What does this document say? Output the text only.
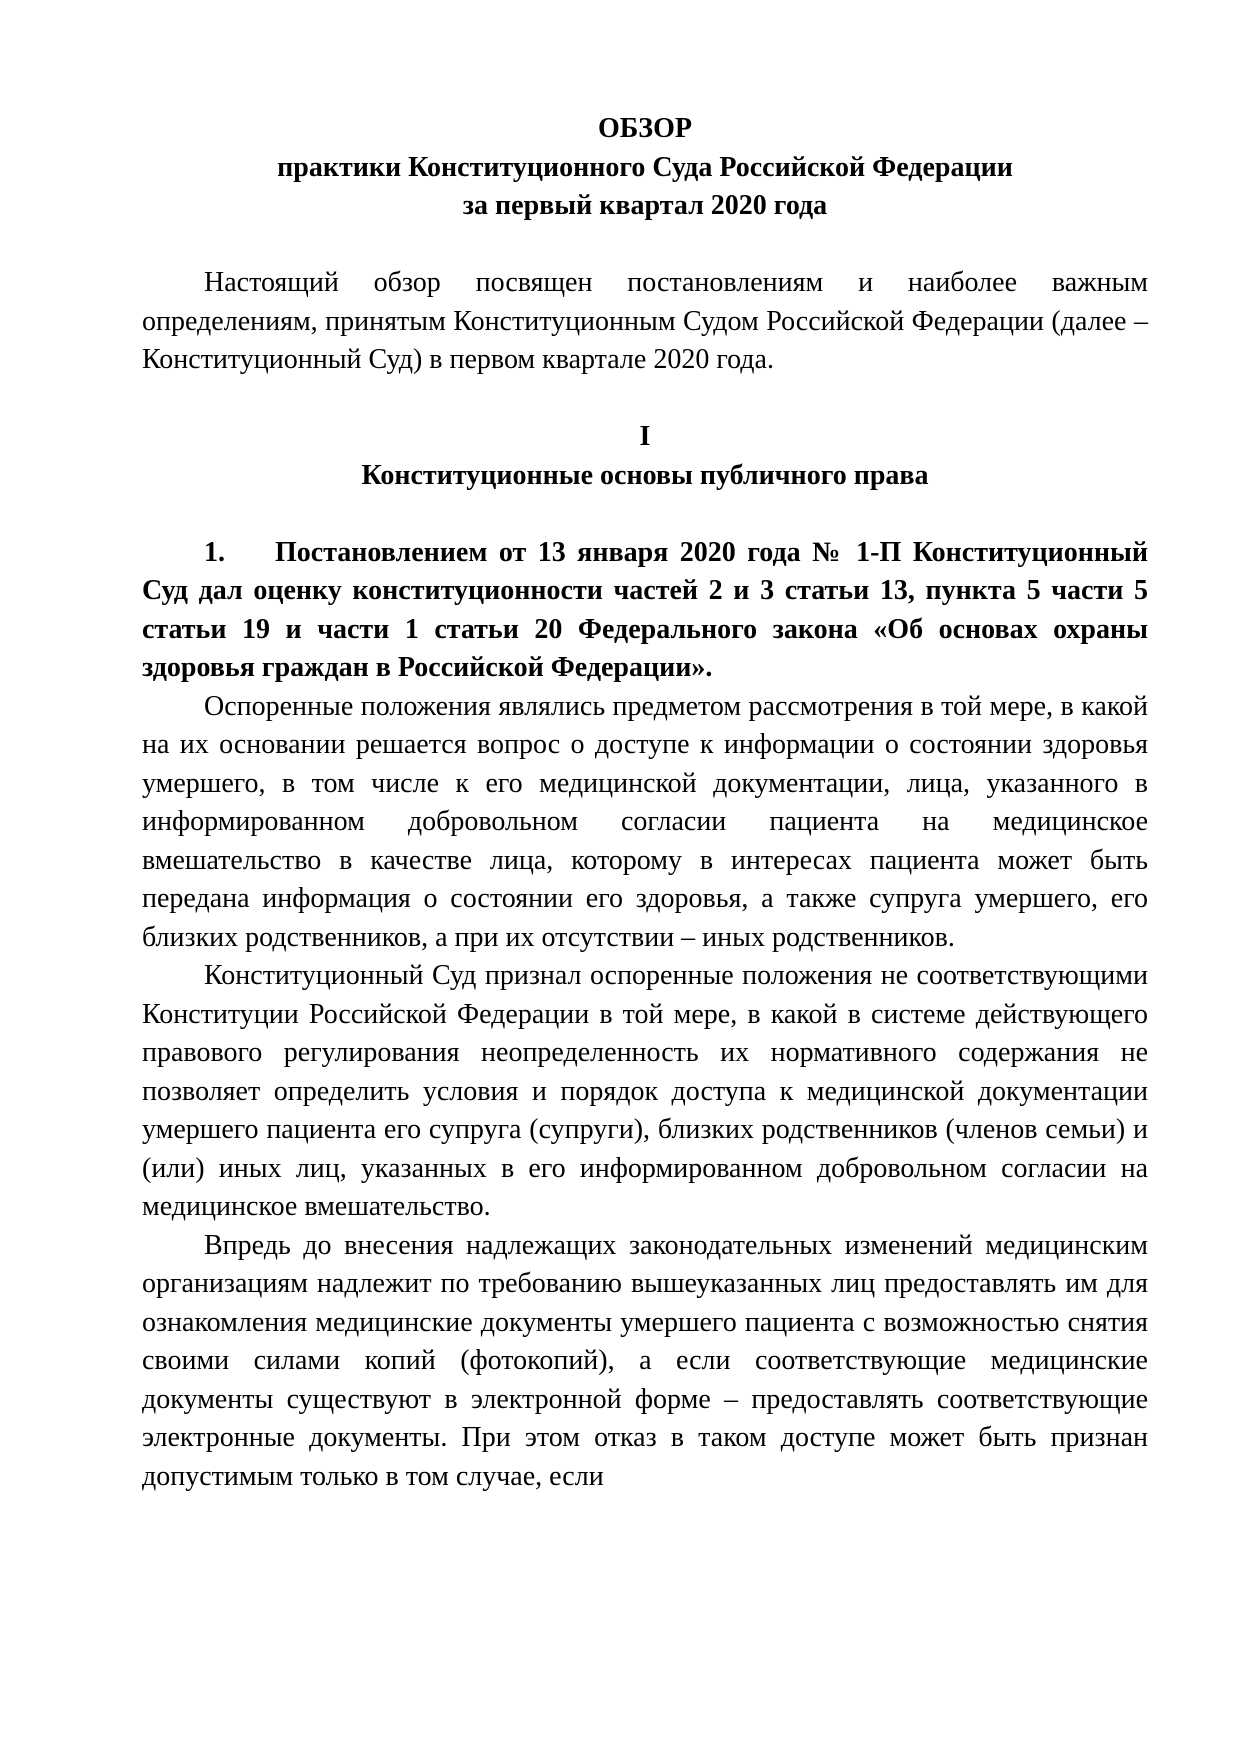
ОБЗОР
практики Конституционного Суда Российской Федерации
за первый квартал 2020 года

Настоящий обзор посвящен постановлениям и наиболее важным определениям, принятым Конституционным Судом Российской Федерации (далее – Конституционный Суд) в первом квартале 2020 года.

I
Конституционные основы публичного права

1. Постановлением от 13 января 2020 года № 1-П Конституционный Суд дал оценку конституционности частей 2 и 3 статьи 13, пункта 5 части 5 статьи 19 и части 1 статьи 20 Федерального закона «Об основах охраны здоровья граждан в Российской Федерации».

Оспоренные положения являлись предметом рассмотрения в той мере, в какой на их основании решается вопрос о доступе к информации о состоянии здоровья умершего, в том числе к его медицинской документации, лица, указанного в информированном добровольном согласии пациента на медицинское вмешательство в качестве лица, которому в интересах пациента может быть передана информация о состоянии его здоровья, а также супруга умершего, его близких родственников, а при их отсутствии – иных родственников.

Конституционный Суд признал оспоренные положения не соответствующими Конституции Российской Федерации в той мере, в какой в системе действующего правового регулирования неопределенность их нормативного содержания не позволяет определить условия и порядок доступа к медицинской документации умершего пациента его супруга (супруги), близких родственников (членов семьи) и (или) иных лиц, указанных в его информированном добровольном согласии на медицинское вмешательство.

Впредь до внесения надлежащих законодательных изменений медицинским организациям надлежит по требованию вышеуказанных лиц предоставлять им для ознакомления медицинские документы умершего пациента с возможностью снятия своими силами копий (фотокопий), а если соответствующие медицинские документы существуют в электронной форме – предоставлять соответствующие электронные документы. При этом отказ в таком доступе может быть признан допустимым только в том случае, если
